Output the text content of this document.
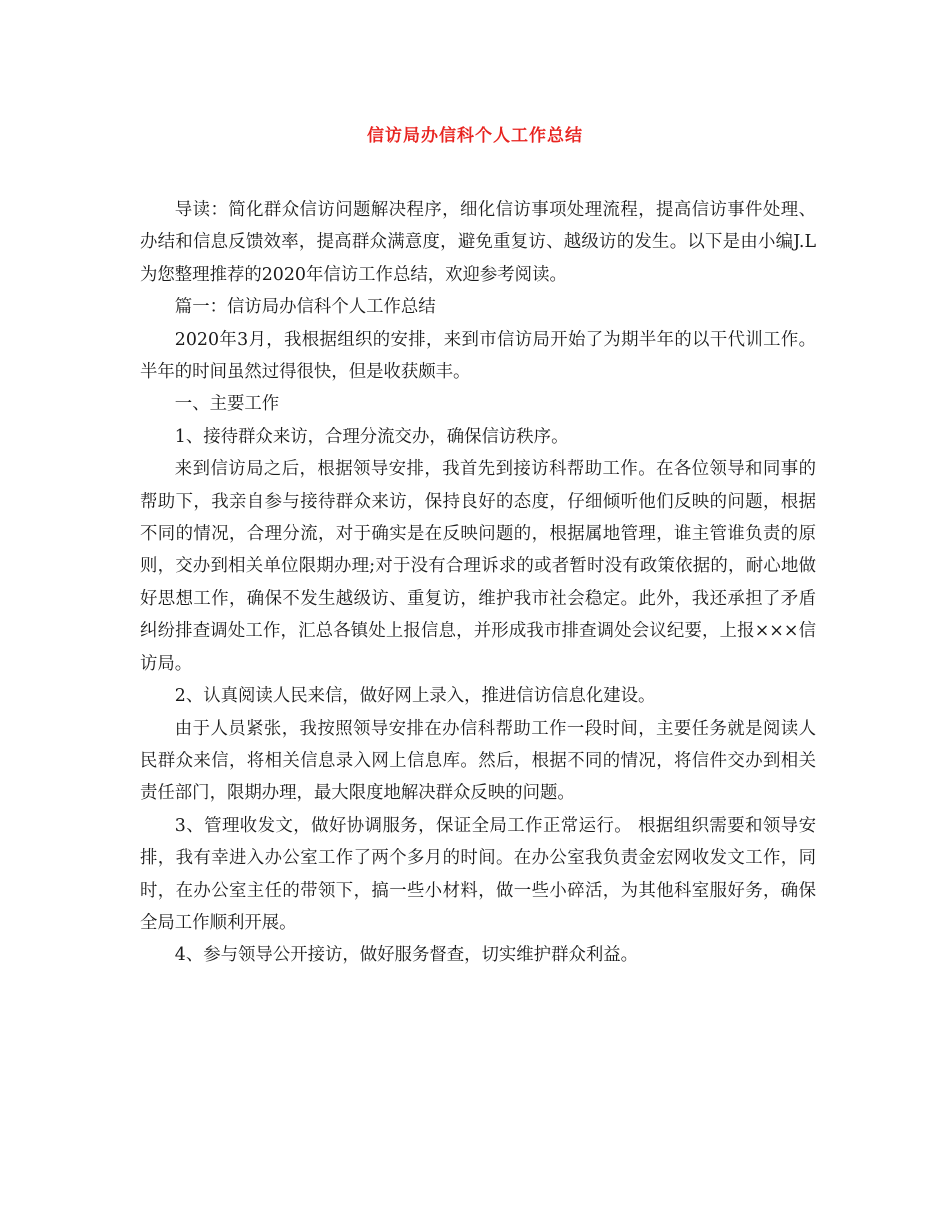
信访局办信科个人工作总结

导读：简化群众信访问题解决程序，细化信访事项处理流程，提高信访事件处理、办结和信息反馈效率，提高群众满意度，避免重复访、越级访的发生。以下是由小编J.L为您整理推荐的2020年信访工作总结，欢迎参考阅读。

篇一：信访局办信科个人工作总结

2020年3月，我根据组织的安排，来到市信访局开始了为期半年的以干代训工作。半年的时间虽然过得很快，但是收获颇丰。

一、主要工作

1、接待群众来访，合理分流交办，确保信访秩序。

来到信访局之后，根据领导安排，我首先到接访科帮助工作。在各位领导和同事的帮助下，我亲自参与接待群众来访，保持良好的态度，仔细倾听他们反映的问题，根据不同的情况，合理分流，对于确实是在反映问题的，根据属地管理，谁主管谁负责的原则，交办到相关单位限期办理;对于没有合理诉求的或者暂时没有政策依据的，耐心地做好思想工作，确保不发生越级访、重复访，维护我市社会稳定。此外，我还承担了矛盾纠纷排查调处工作，汇总各镇处上报信息，并形成我市排查调处会议纪要，上报×××信访局。

2、认真阅读人民来信，做好网上录入，推进信访信息化建设。

由于人员紧张，我按照领导安排在办信科帮助工作一段时间，主要任务就是阅读人民群众来信，将相关信息录入网上信息库。然后，根据不同的情况，将信件交办到相关责任部门，限期办理，最大限度地解决群众反映的问题。

3、管理收发文，做好协调服务，保证全局工作正常运行。 根据组织需要和领导安排，我有幸进入办公室工作了两个多月的时间。在办公室我负责金宏网收发文工作，同时，在办公室主任的带领下，搞一些小材料，做一些小碎活，为其他科室服好务，确保全局工作顺利开展。

4、参与领导公开接访，做好服务督查，切实维护群众利益。
